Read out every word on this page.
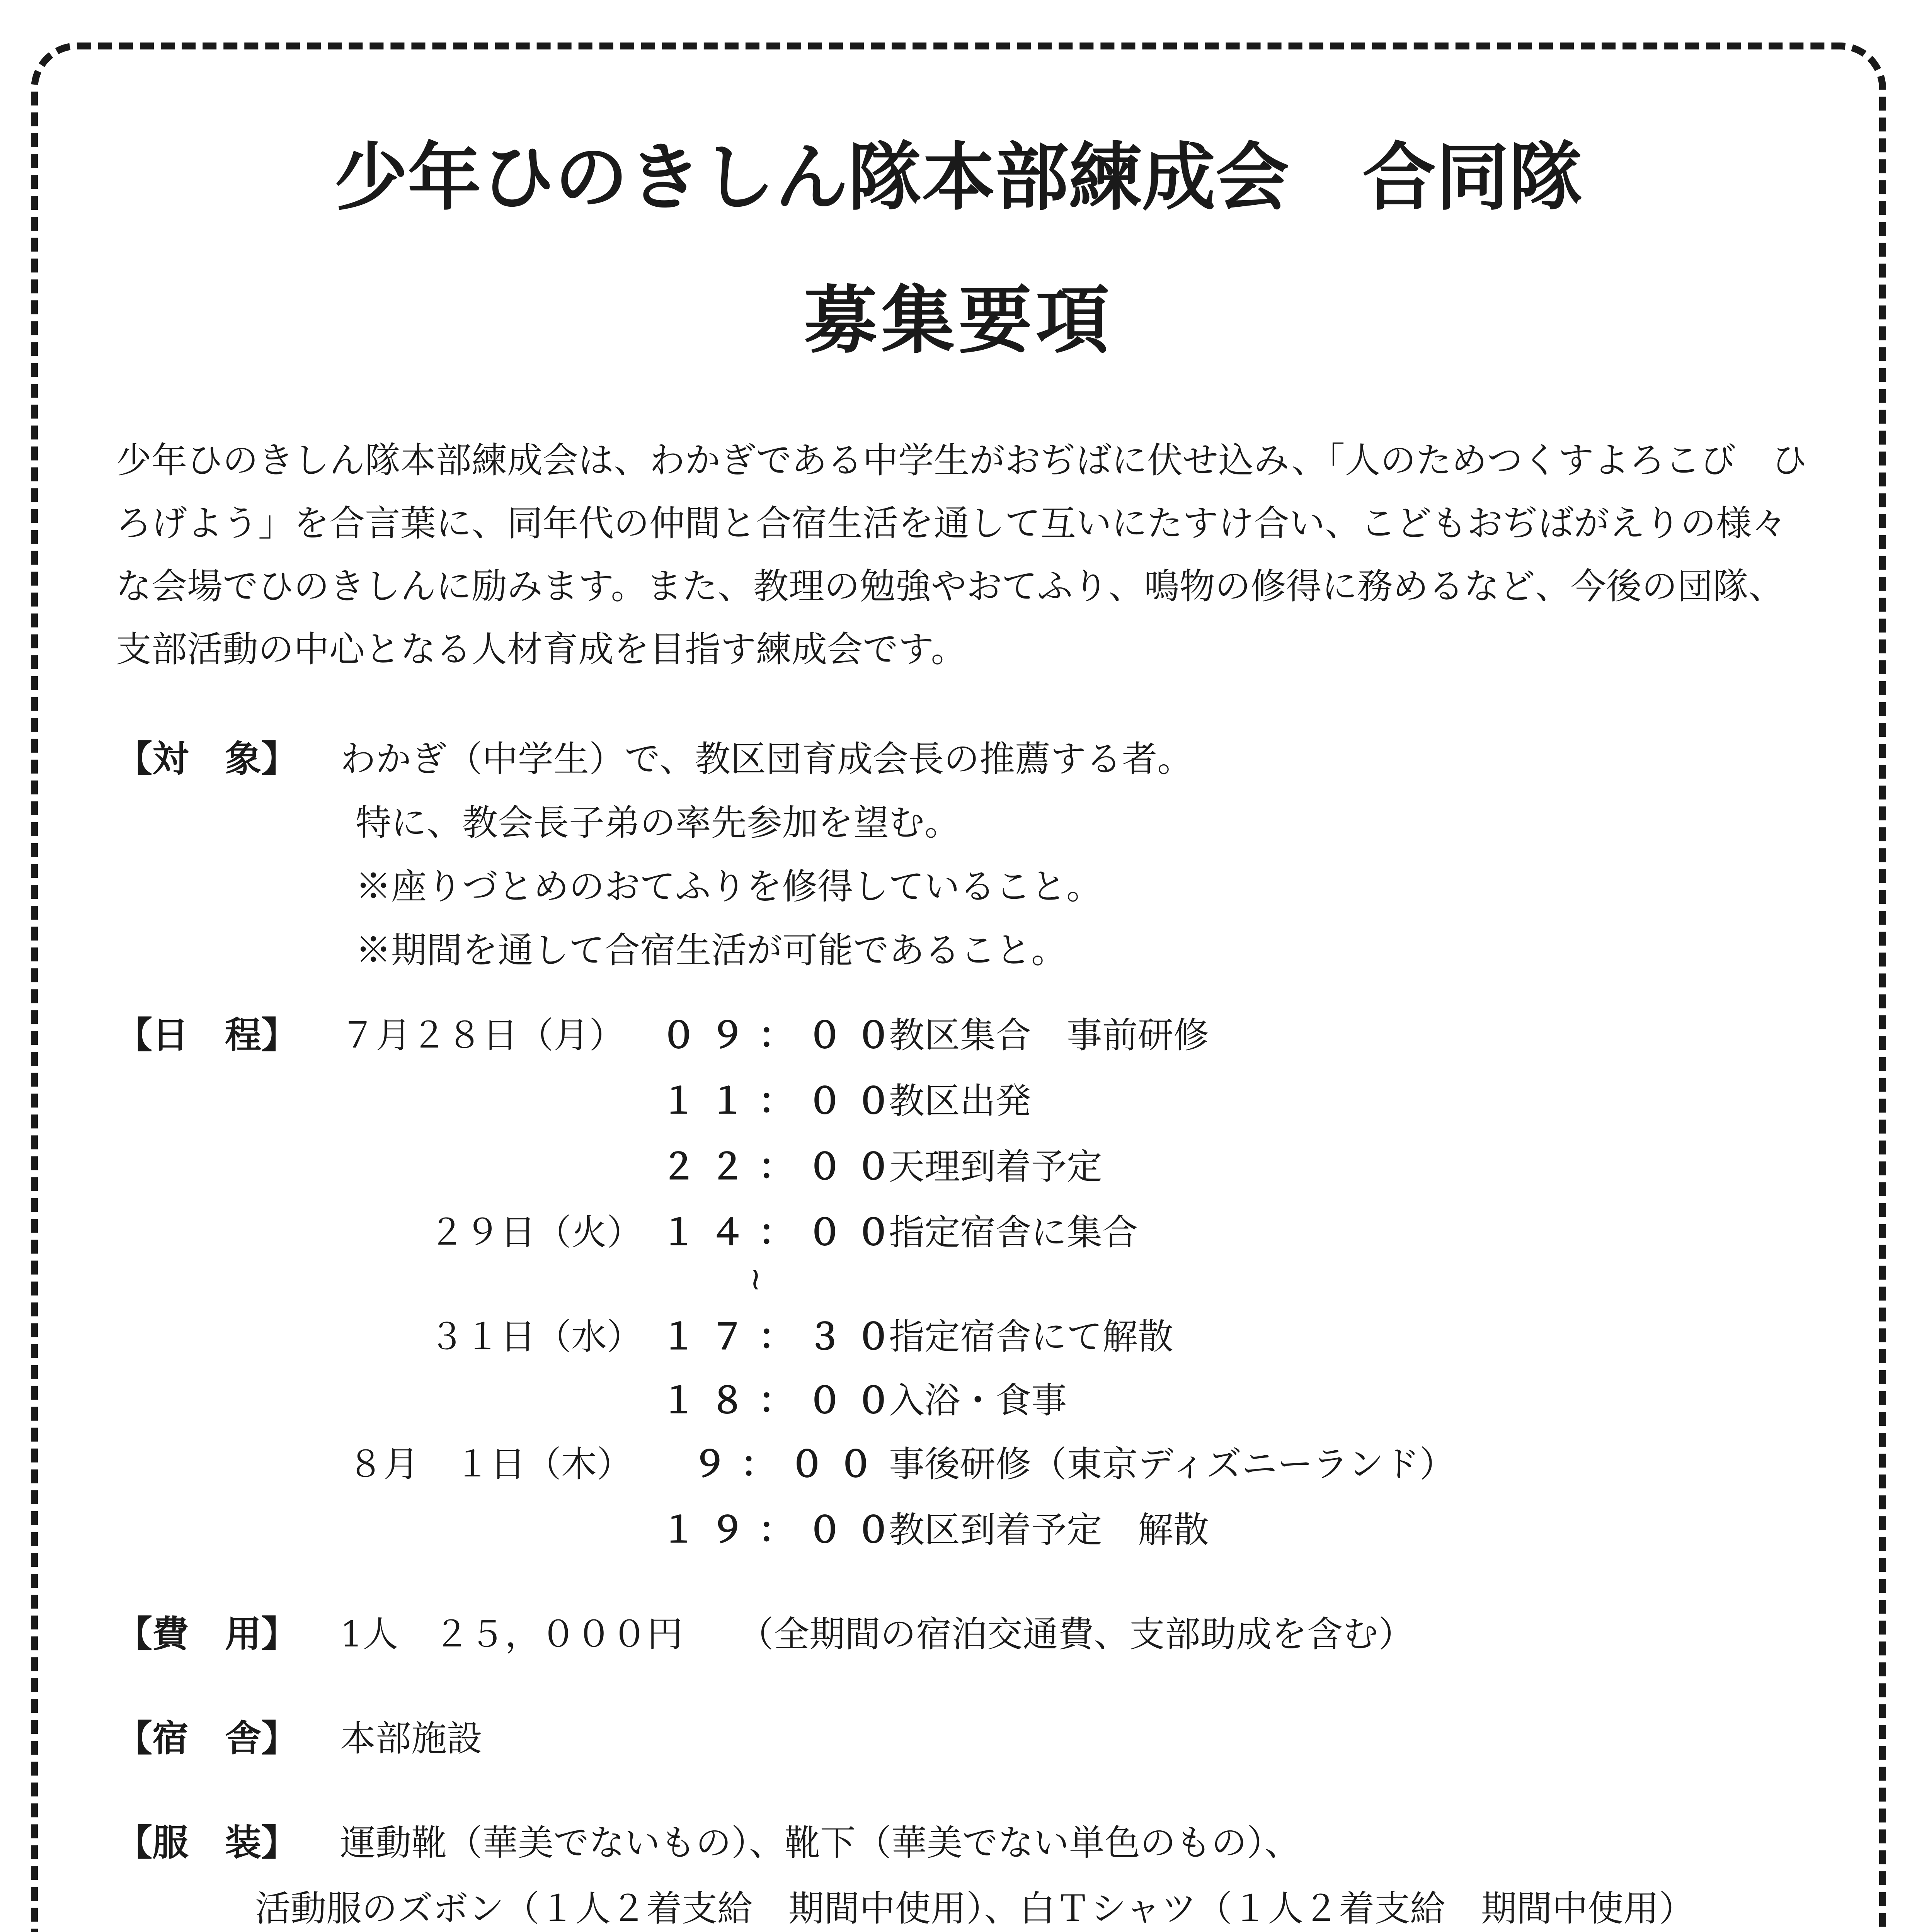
少年ひのきしん隊本部練成会　合同隊
募集要項
少年ひのきしん隊本部練成会は、わかぎである中学生がおぢばに伏せ込み、「人のためつくすよろこび　ひ
ろげよう」を合言葉に、同年代の仲間と合宿生活を通して互いにたすけ合い、こどもおぢばがえりの様々
な会場でひのきしんに励みます。また、教理の勉強やおてふり、鳴物の修得に務めるなど、今後の団隊、
支部活動の中心となる人材育成を目指す練成会です。
【対　象】 わかぎ（中学生）で、教区団育成会長の推薦する者。
特に、教会長子弟の率先参加を望む。
※座りづとめのおてふりを修得していること。
※期間を通して合宿生活が可能であること。
【日　程】 ７月２８日（月） ０９：００
教区集合　事前研修
１１：００
教区出発
２２：００
天理到着予定
２９日（火） １４：００
指定宿舎に集合
≀
３１日（水） １７：３０
指定宿舎にて解散
１８：００
入浴・食事
８月　１日（木） ９：００ 事後研修（東京ディズニーランド）
１９：００
教区到着予定　解散
【費　用】 1人　２５，０００円 （全期間の宿泊交通費、支部助成を含む）
【宿　舎】 本部施設
【服　装】 運動靴（華美でないもの）、靴下（華美でない単色のもの）、
活動服のズボン（１人２着支給　期間中使用）、白Ｔシャツ（１人２着支給　期間中使用）
